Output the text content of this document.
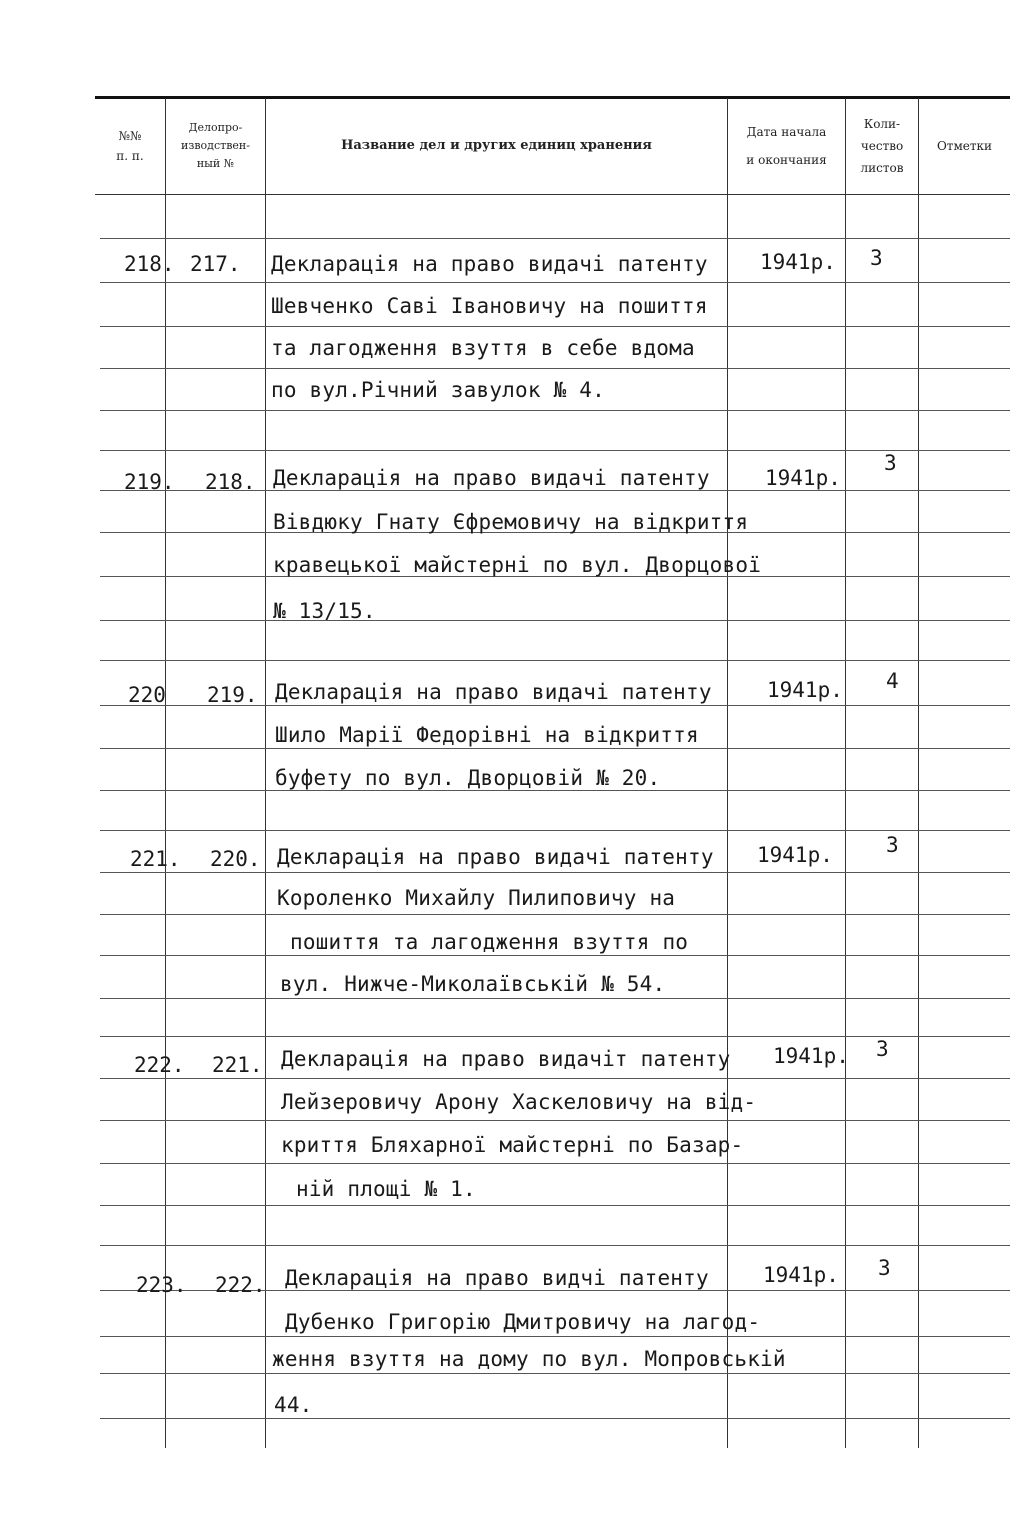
№№
п. п.
Делопро-
изводствен-
ный №
Название дел и других единиц хранения
Дата начала
и окончания
Коли-
чество
листов
Отметки
218. 217. Декларація на право видачі патенту
Шевченко Саві Івановичу на пошиття
та лагодження взуття в себе вдома
по вул.Річний завулок № 4.
1941р. 3
219. 218. Декларація на право видачі патенту
Вівдюку Гнату Єфремовичу на відкриття
кравецької майстерні по вул. Дворцової
№ 13/15.
1941р.
3
220 219. Декларація на право видачі патенту
Шило Марії Федорівні на відкриття
буфету по вул. Дворцовій № 20.
1941р. 4
221. 220. Декларація на право видачі патенту
Короленко Михайлу Пилиповичу на
пошиття та лагодження взуття по
вул. Нижче-Миколаївській № 54.
1941р.	3
222. 221. Декларація на право видачіт патенту
Лейзеровичу Арону Хаскеловичу на від-
криття Бляхарної майстерні по Базар-
ній площі № 1.
1941р. 3
223. 222. Декларація на право видчі патенту
Дубенко Григорію Дмитровичу на лагод-
ження взуття на дому по вул. Мопровській
44.
1941р. 3
